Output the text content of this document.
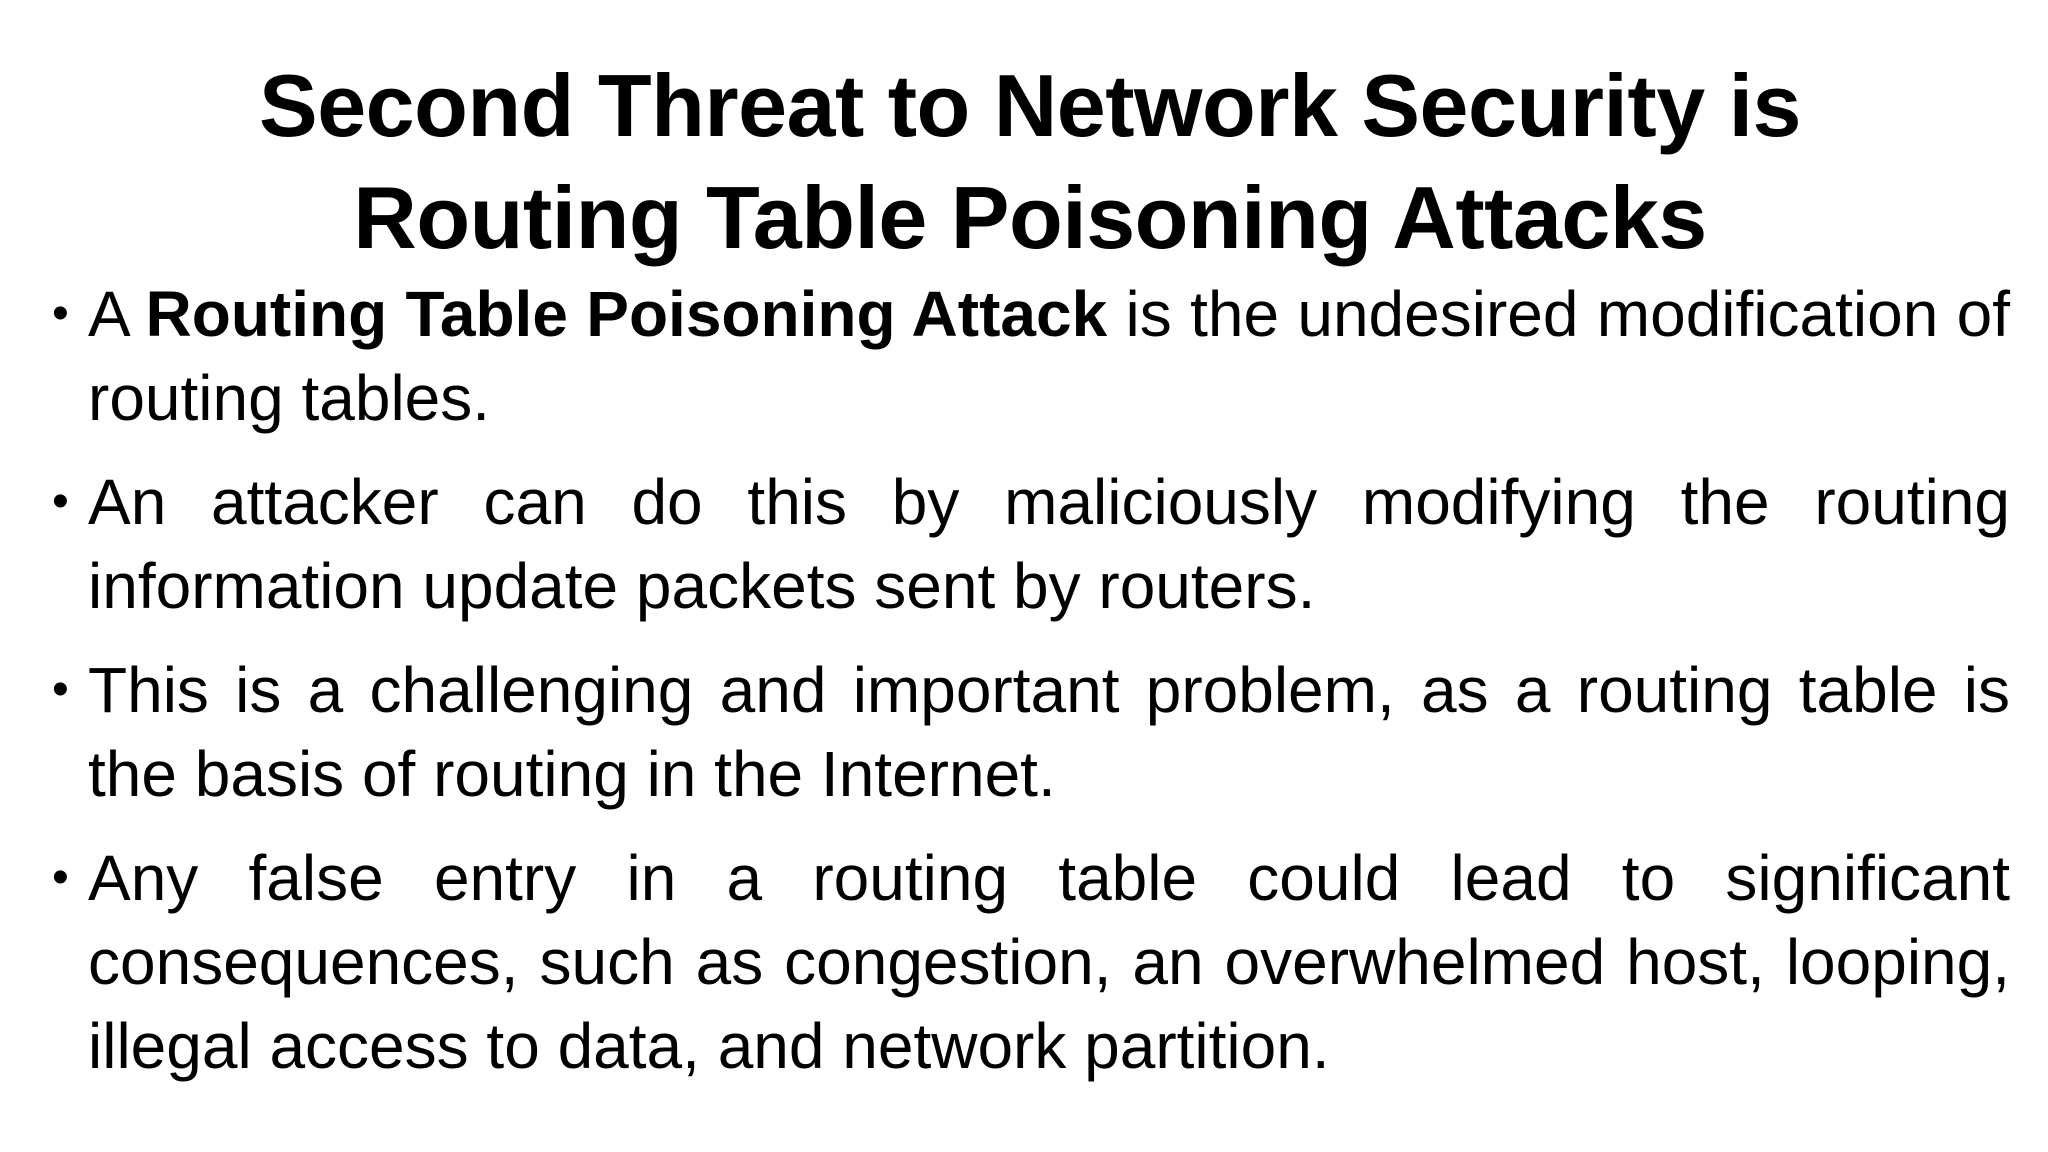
Second Threat to Network Security is
Routing Table Poisoning Attacks
• A Routing Table Poisoning Attack is the undesired modification of routing tables.
• An attacker can do this by maliciously modifying the routing information update packets sent by routers.
• This is a challenging and important problem, as a routing table is the basis of routing in the Internet.
• Any false entry in a routing table could lead to significant consequences, such as congestion, an overwhelmed host, looping, illegal access to data, and network partition.
